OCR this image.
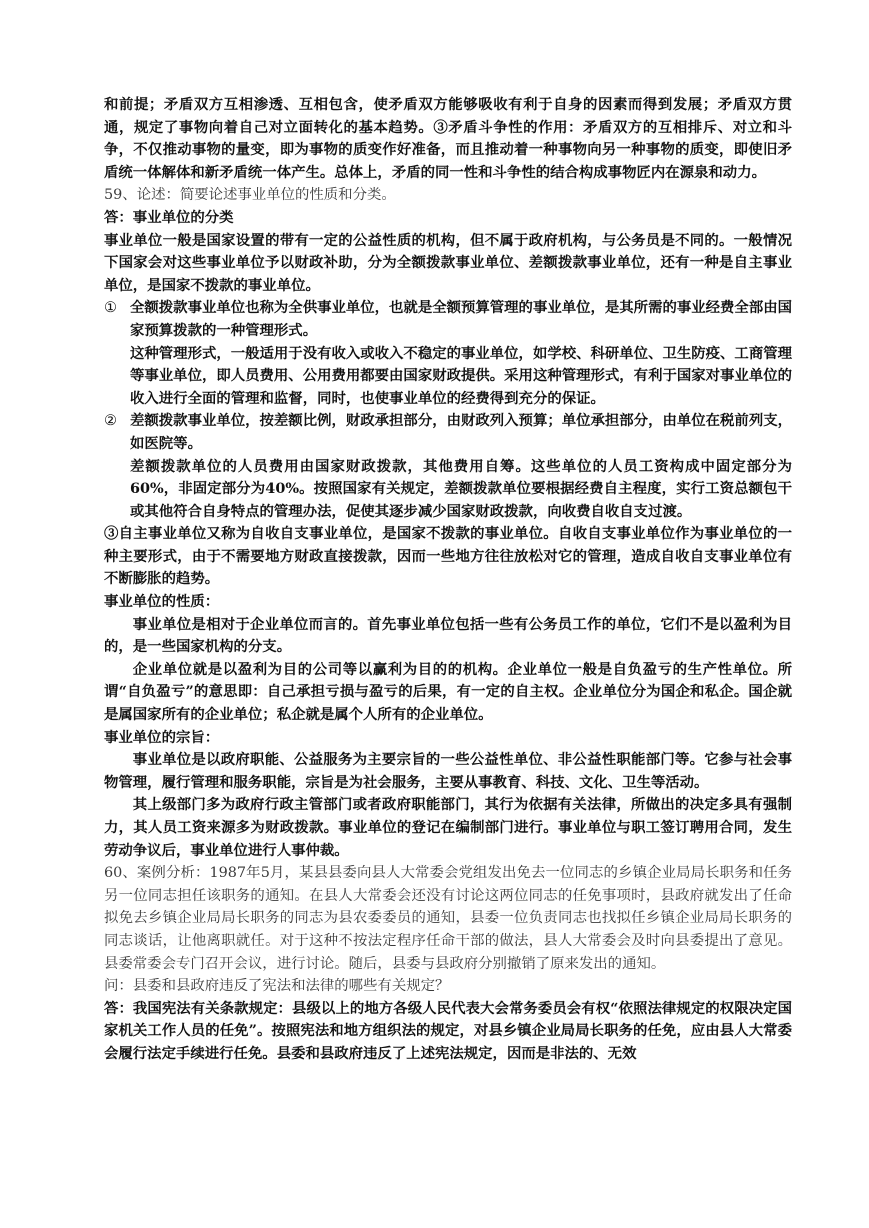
和前提；矛盾双方互相渗透、互相包含，使矛盾双方能够吸收有利于自身的因素而得到发展；矛盾双方贯通，规定了事物向着自己对立面转化的基本趋势。③矛盾斗争性的作用：矛盾双方的互相排斥、对立和斗争，不仅推动事物的量变，即为事物的质变作好准备，而且推动着一种事物向另一种事物的质变，即使旧矛盾统一体解体和新矛盾统一体产生。总体上，矛盾的同一性和斗争性的结合构成事物匠内在源泉和动力。

59、论述：简要论述事业单位的性质和分类。

答：事业单位的分类

事业单位一般是国家设置的带有一定的公益性质的机构，但不属于政府机构，与公务员是不同的。一般情况下国家会对这些事业单位予以财政补助，分为全额拨款事业单位、差额拨款事业单位，还有一种是自主事业单位，是国家不拨款的事业单位。

① 全额拨款事业单位也称为全供事业单位，也就是全额预算管理的事业单位，是其所需的事业经费全部由国家预算拨款的一种管理形式。

这种管理形式，一般适用于没有收入或收入不稳定的事业单位，如学校、科研单位、卫生防疫、工商管理等事业单位，即人员费用、公用费用都要由国家财政提供。采用这种管理形式，有利于国家对事业单位的收入进行全面的管理和监督，同时，也使事业单位的经费得到充分的保证。

② 差额拨款事业单位，按差额比例，财政承担部分，由财政列入预算；单位承担部分，由单位在税前列支，如医院等。

差额拨款单位的人员费用由国家财政拨款，其他费用自筹。这些单位的人员工资构成中固定部分为60%，非固定部分为40%。按照国家有关规定，差额拨款单位要根据经费自主程度，实行工资总额包干或其他符合自身特点的管理办法，促使其逐步减少国家财政拨款，向收费自收自支过渡。

③自主事业单位又称为自收自支事业单位，是国家不拨款的事业单位。自收自支事业单位作为事业单位的一种主要形式，由于不需要地方财政直接拨款，因而一些地方往往放松对它的管理，造成自收自支事业单位有不断膨胀的趋势。

事业单位的性质：

事业单位是相对于企业单位而言的。首先事业单位包括一些有公务员工作的单位，它们不是以盈利为目的，是一些国家机构的分支。

企业单位就是以盈利为目的公司等以赢利为目的的机构。企业单位一般是自负盈亏的生产性单位。所谓“自负盈亏”的意思即：自己承担亏损与盈亏的后果，有一定的自主权。企业单位分为国企和私企。国企就是属国家所有的企业单位；私企就是属个人所有的企业单位。

事业单位的宗旨：

事业单位是以政府职能、公益服务为主要宗旨的一些公益性单位、非公益性职能部门等。它参与社会事物管理，履行管理和服务职能，宗旨是为社会服务，主要从事教育、科技、文化、卫生等活动。

其上级部门多为政府行政主管部门或者政府职能部门，其行为依据有关法律，所做出的决定多具有强制力，其人员工资来源多为财政拨款。事业单位的登记在编制部门进行。事业单位与职工签订聘用合同，发生劳动争议后，事业单位进行人事仲裁。

60、案例分析：1987年5月，某县县委向县人大常委会党组发出免去一位同志的乡镇企业局局长职务和任务另一位同志担任该职务的通知。在县人大常委会还没有讨论这两位同志的任免事项时，县政府就发出了任命拟免去乡镇企业局局长职务的同志为县农委委员的通知，县委一位负责同志也找拟任乡镇企业局局长职务的同志谈话，让他离职就任。对于这种不按法定程序任命干部的做法，县人大常委会及时向县委提出了意见。县委常委会专门召开会议，进行讨论。随后，县委与县政府分别撤销了原来发出的通知。

问：县委和县政府违反了宪法和法律的哪些有关规定？

答：我国宪法有关条款规定：县级以上的地方各级人民代表大会常务委员会有权“依照法律规定的权限决定国家机关工作人员的任免”。按照宪法和地方组织法的规定，对县乡镇企业局局长职务的任免，应由县人大常委会履行法定手续进行任免。县委和县政府违反了上述宪法规定，因而是非法的、无效
